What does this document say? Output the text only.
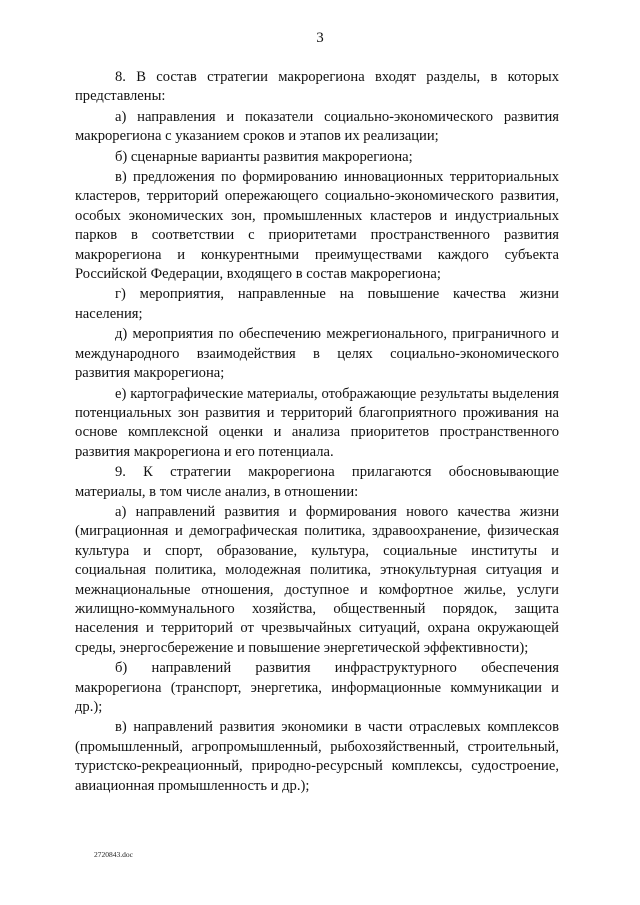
3

8. В состав стратегии макрорегиона входят разделы, в которых представлены:

а) направления и показатели социально-экономического развития макрорегиона с указанием сроков и этапов их реализации;

б) сценарные варианты развития макрорегиона;

в) предложения по формированию инновационных территориальных кластеров, территорий опережающего социально-экономического развития, особых экономических зон, промышленных кластеров и индустриальных парков в соответствии с приоритетами пространственного развития макрорегиона и конкурентными преимуществами каждого субъекта Российской Федерации, входящего в состав макрорегиона;

г) мероприятия, направленные на повышение качества жизни населения;

д) мероприятия по обеспечению межрегионального, приграничного и международного взаимодействия в целях социально-экономического развития макрорегиона;

е) картографические материалы, отображающие результаты выделения потенциальных зон развития и территорий благоприятного проживания на основе комплексной оценки и анализа приоритетов пространственного развития макрорегиона и его потенциала.

9. К стратегии макрорегиона прилагаются обосновывающие материалы, в том числе анализ, в отношении:

а) направлений развития и формирования нового качества жизни (миграционная и демографическая политика, здравоохранение, физическая культура и спорт, образование, культура, социальные институты и социальная политика, молодежная политика, этнокультурная ситуация и межнациональные отношения, доступное и комфортное жилье, услуги жилищно-коммунального хозяйства, общественный порядок, защита населения и территорий от чрезвычайных ситуаций, охрана окружающей среды, энергосбережение и повышение энергетической эффективности);

б) направлений развития инфраструктурного обеспечения макрорегиона (транспорт, энергетика, информационные коммуникации и др.);

в) направлений развития экономики в части отраслевых комплексов (промышленный, агропромышленный, рыбохозяйственный, строительный, туристско-рекреационный, природно-ресурсный комплексы, судостроение, авиационная промышленность и др.);

2720843.doc
